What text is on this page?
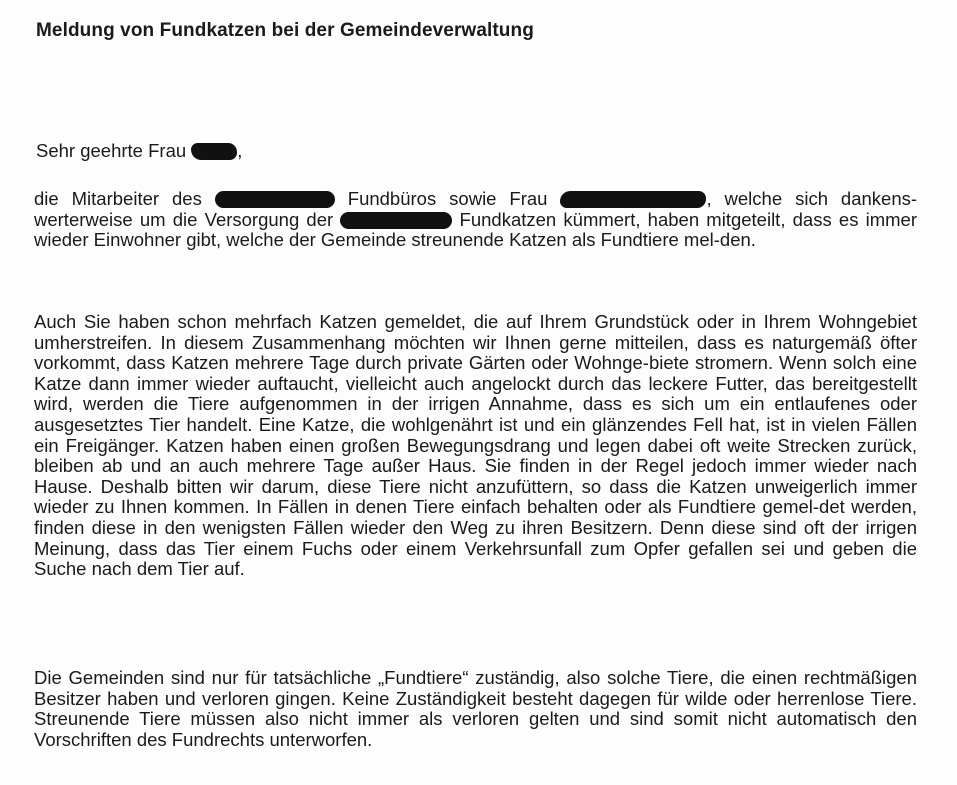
Meldung von Fundkatzen bei der Gemeindeverwaltung
Sehr geehrte Frau	,

die Mitarbeiter des	Fundbüros sowie Frau	, welche sich dankens-werterweise um die Versorgung der	Fundkatzen kümmert, haben mitgeteilt, dass es immer wieder Einwohner gibt, welche der Gemeinde streunende Katzen als Fundtiere mel-den.

Auch Sie haben schon mehrfach Katzen gemeldet, die auf Ihrem Grundstück oder in Ihrem Wohngebiet umherstreifen. In diesem Zusammenhang möchten wir Ihnen gerne mitteilen, dass es naturgemäß öfter vorkommt, dass Katzen mehrere Tage durch private Gärten oder Wohnge-biete stromern. Wenn solch eine Katze dann immer wieder auftaucht, vielleicht auch angelockt durch das leckere Futter, das bereitgestellt wird, werden die Tiere aufgenommen in der irrigen Annahme, dass es sich um ein entlaufenes oder ausgesetztes Tier handelt. Eine Katze, die wohlgenährt ist und ein glänzendes Fell hat, ist in vielen Fällen ein Freigänger. Katzen haben einen großen Bewegungsdrang und legen dabei oft weite Strecken zurück, bleiben ab und an auch mehrere Tage außer Haus. Sie finden in der Regel jedoch immer wieder nach Hause. Deshalb bitten wir darum, diese Tiere nicht anzufüttern, so dass die Katzen unweigerlich immer wieder zu Ihnen kommen. In Fällen in denen Tiere einfach behalten oder als Fundtiere gemel-det werden, finden diese in den wenigsten Fällen wieder den Weg zu ihren Besitzern. Denn diese sind oft der irrigen Meinung, dass das Tier einem Fuchs oder einem Verkehrsunfall zum Opfer gefallen sei und geben die Suche nach dem Tier auf.

Die Gemeinden sind nur für tatsächliche „Fundtiere“ zuständig, also solche Tiere, die einen rechtmäßigen Besitzer haben und verloren gingen. Keine Zuständigkeit besteht dagegen für wilde oder herrenlose Tiere. Streunende Tiere müssen also nicht immer als verloren gelten und sind somit nicht automatisch den Vorschriften des Fundrechts unterworfen.
